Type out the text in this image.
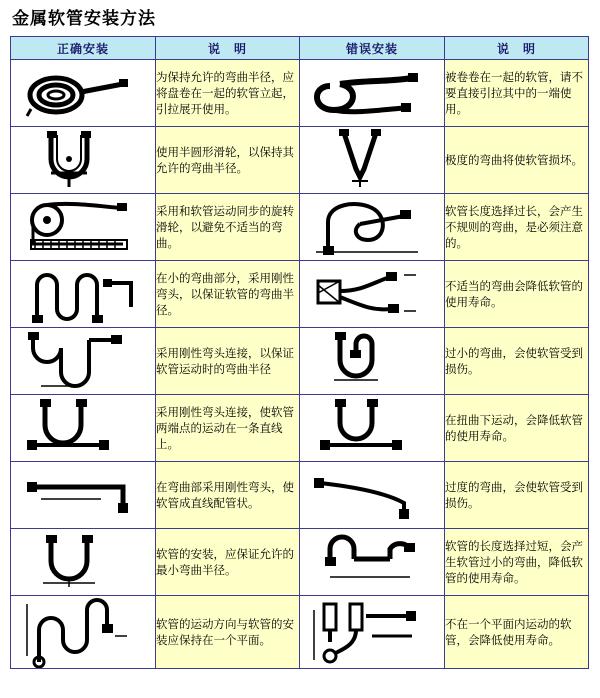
金属软管安装方法
正确安装	说　明	错误安装	说　明

	为保持允许的弯曲半径，应将盘卷在一起的软管立起，引拉展开使用。		被卷卷在一起的软管，请不要直接引拉其中的一端使用。

	使用半圆形滑轮，以保持其允许的弯曲半径。		极度的弯曲将使软管损坏。

	采用和软管运动同步的旋转滑轮，以避免不适当的弯曲。		软管长度选择过长，会产生不规则的弯曲，是必须注意的。

	在小的弯曲部分，采用刚性弯头，以保证软管的弯曲半径。		不适当的弯曲会降低软管的使用寿命。

	采用刚性弯头连接，以保证软管运动时的弯曲半径		过小的弯曲，会使软管受到损伤。

	采用刚性弯头连接，使软管两端点的运动在一条直线上。		在扭曲下运动，会降低软管的使用寿命。

	在弯曲部采用刚性弯头，使软管成直线配管状。		过度的弯曲，会使软管受到损伤。

	软管的安装，应保证允许的最小弯曲半径。		软管的长度选择过短，会产生软管过小的弯曲，降低软管的使用寿命。

	软管的运动方向与软管的安装应保持在一个平面。		不在一个平面内运动的软管，会降低使用寿命。
